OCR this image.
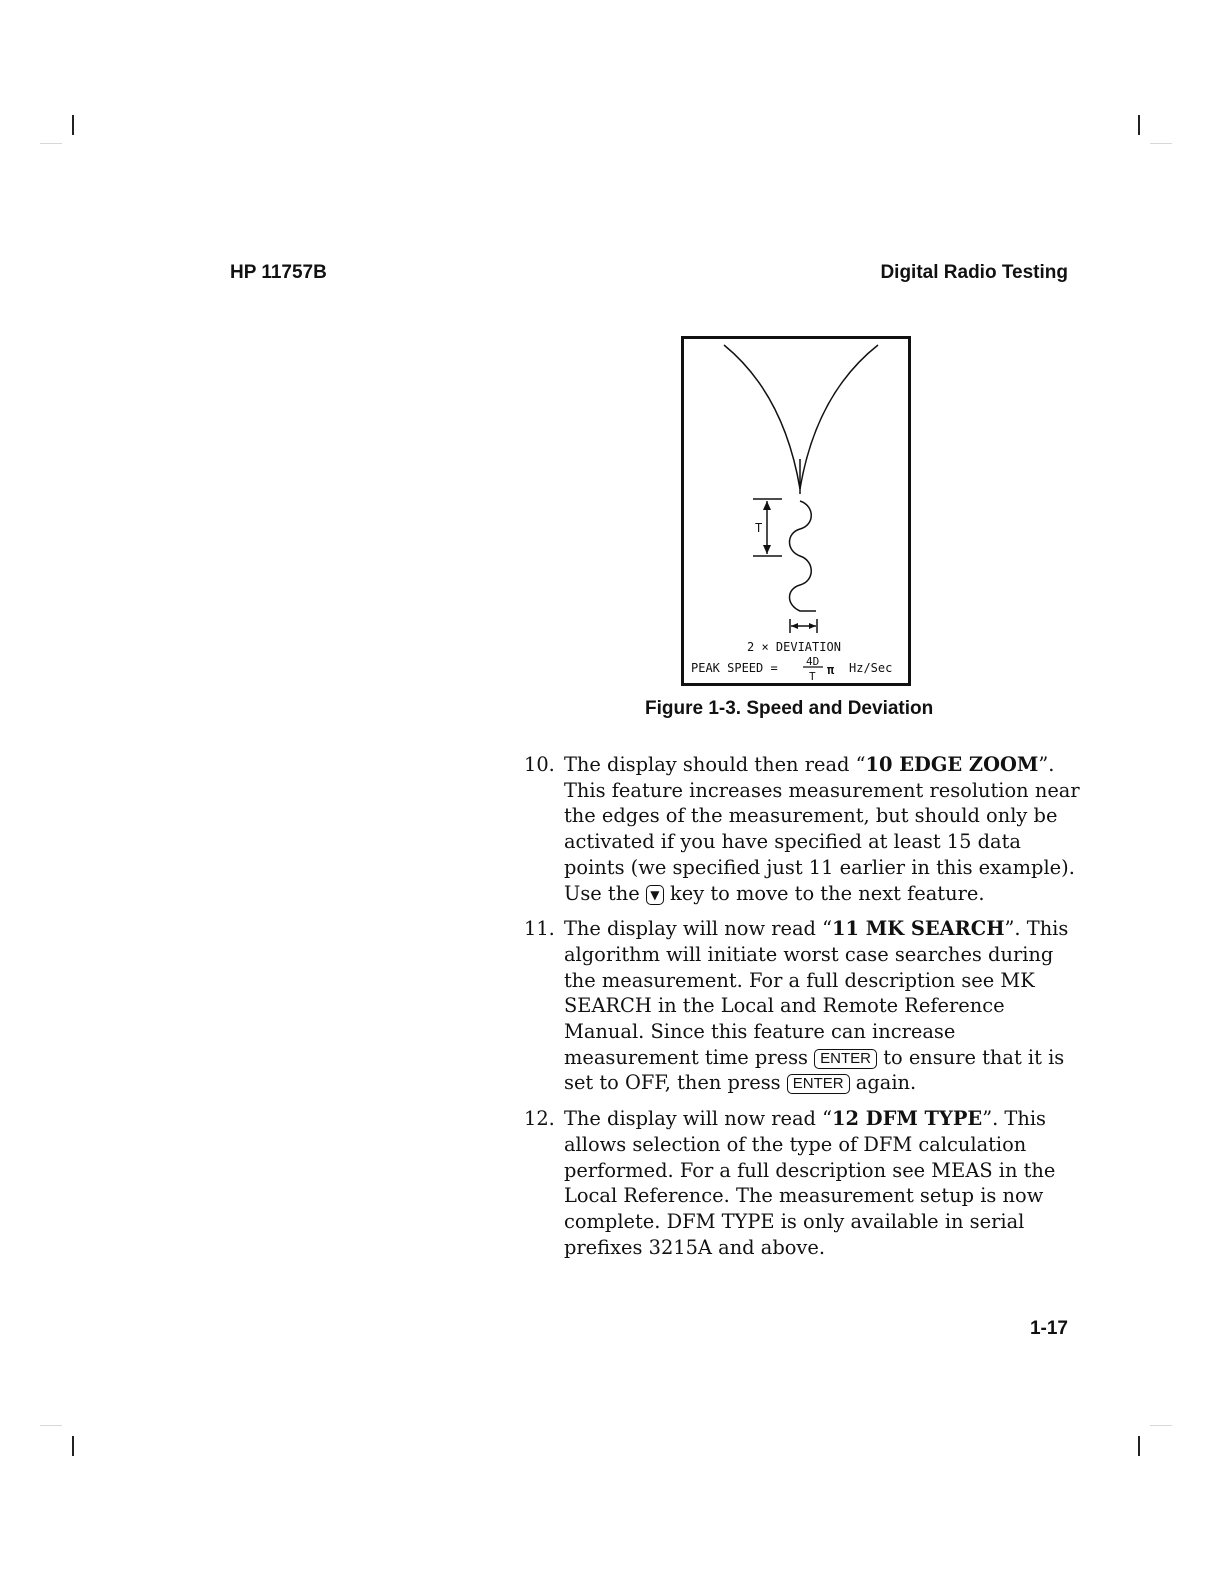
HP 11757B	Digital Radio Testing
T
2 × DEVIATION
PEAK SPEED =	4D
T π Hz/Sec
Figure 1-3. Speed and Deviation
10. The display should then read “10 EDGE ZOOM”. This feature increases measurement resolution near the edges of the measurement, but should only be activated if you have specified at least 15 data points (we specified just 11 earlier in this example). Use the ▼ key to move to the next feature.
11. The display will now read “11 MK SEARCH”. This algorithm will initiate worst case searches during the measurement. For a full description see MK SEARCH in the Local and Remote Reference Manual. Since this feature can increase measurement time press ENTER to ensure that it is set to OFF, then press ENTER again.
12. The display will now read “12 DFM TYPE”. This allows selection of the type of DFM calculation performed. For a full description see MEAS in the Local Reference. The measurement setup is now complete. DFM TYPE is only available in serial prefixes 3215A and above.
1-17
